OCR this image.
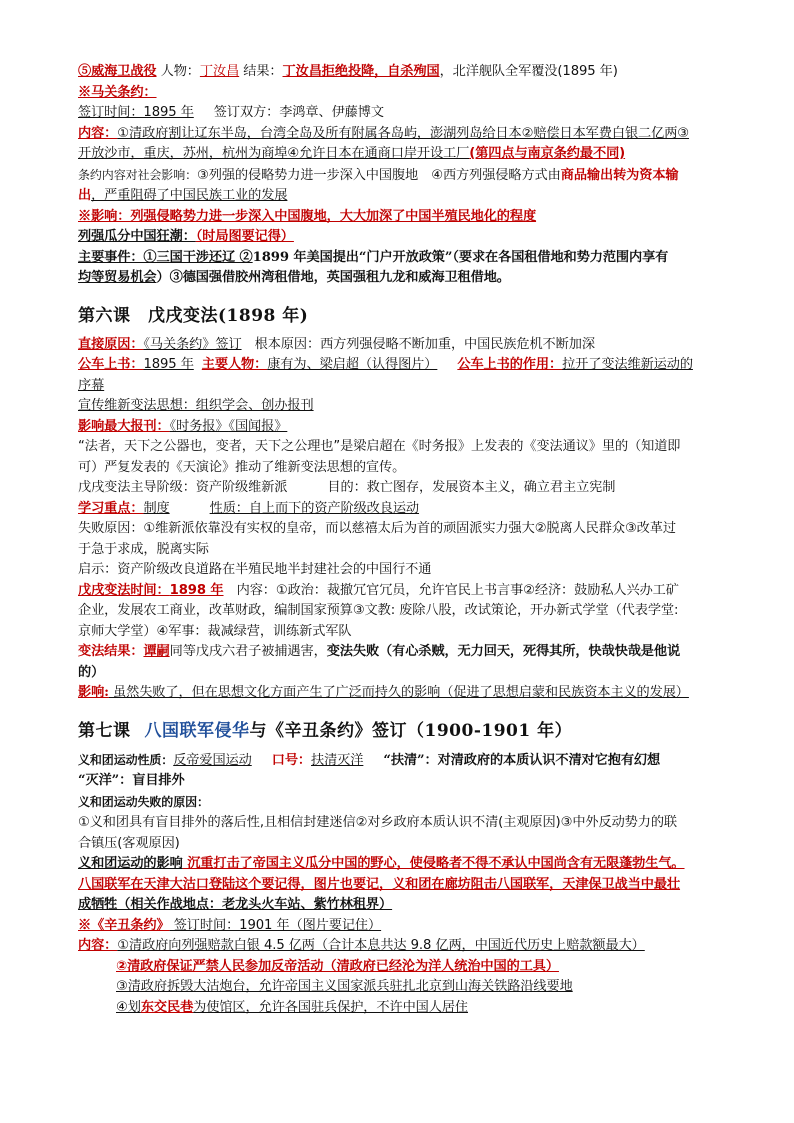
⑤威海卫战役 人物：丁汝昌 结果：丁汝昌拒绝投降，自杀殉国，北洋舰队全军覆没(1895 年)
※马关条约：
签订时间：1895 年 签订双方：李鸿章、伊藤博文
内容：①清政府割让辽东半岛，台湾全岛及所有附属各岛屿，澎湖列岛给日本②赔偿日本军费白银二亿两③
开放沙市，重庆，苏州，杭州为商埠④允许日本在通商口岸开设工厂(第四点与南京条约最不同)
条约内容对社会影响：③列强的侵略势力进一步深入中国腹地　④西方列强侵略方式由商品输出转为资本输
出，严重阻碍了中国民族工业的发展
※影响：列强侵略势力进一步深入中国腹地，大大加深了中国半殖民地化的程度
列强瓜分中国狂潮：（时局图要记得）
主要事件：①三国干涉还辽 ②1899 年美国提出“门户开放政策”（要求在各国租借地和势力范围内享有
均等贸易机会）③德国强借胶州湾租借地，英国强租九龙和威海卫租借地。
第六课　戊戌变法(1898 年)
直接原因：《马关条约》签订　根本原因：西方列强侵略不断加重，中国民族危机不断加深
公车上书：1895 年 主要人物：康有为、梁启超（认得图片） 公车上书的作用：拉开了变法维新运动的
序幕
宣传维新变法思想：组织学会、创办报刊
影响最大报刊：《时务报》《国闻报》
“法者，天下之公器也，变者，天下之公理也”是梁启超在《时务报》上发表的《变法通议》里的（知道即
可）严复发表的《天演论》推动了维新变法思想的宣传。
戊戌变法主导阶级：资产阶级维新派	目的：救亡图存，发展资本主义，确立君主立宪制
学习重点：制度	性质：自上而下的资产阶级改良运动
失败原因：①维新派依靠没有实权的皇帝，而以慈禧太后为首的顽固派实力强大②脱离人民群众③改革过
于急于求成，脱离实际
启示：资产阶级改良道路在半殖民地半封建社会的中国行不通
戊戌变法时间：1898 年　内容：①政治：裁撤冗官冗员，允许官民上书言事②经济：鼓励私人兴办工矿
企业，发展农工商业，改革财政，编制国家预算③文教: 废除八股，改试策论，开办新式学堂（代表学堂:
京师大学堂）④军事：裁减绿营，训练新式军队
变法结果：谭嗣同等戊戌六君子被捕遇害，变法失败（有心杀贼，无力回天，死得其所，快哉快哉是他说
的）
影响: 虽然失败了，但在思想文化方面产生了广泛而持久的影响（促进了思想启蒙和民族资本主义的发展）
第七课 八国联军侵华与《辛丑条约》签订（1900-1901 年）
义和团运动性质：反帝爱国运动 口号：扶清灭洋 “扶清”：对清政府的本质认识不清对它抱有幻想
“灭洋”：盲目排外
义和团运动失败的原因：
①义和团具有盲目排外的落后性,且相信封建迷信②对乡政府本质认识不清(主观原因)③中外反动势力的联
合镇压(客观原因)
义和团运动的影响 沉重打击了帝国主义瓜分中国的野心，使侵略者不得不承认中国尚含有无限蓬勃生气。
八国联军在天津大沽口登陆这个要记得，图片也要记，义和团在廊坊阻击八国联军，天津保卫战当中最壮
成牺牲（相关作战地点：老龙头火车站、紫竹林租界）
※《辛丑条约》 签订时间：1901 年（图片要记住）
内容：①清政府向列强赔款白银 4.5 亿两（合计本息共达 9.8 亿两，中国近代历史上赔款额最大）
②清政府保证严禁人民参加反帝活动（清政府已经沦为洋人统治中国的工具）
③清政府拆毁大沽炮台，允许帝国主义国家派兵驻扎北京到山海关铁路沿线要地
④划东交民巷为使馆区，允许各国驻兵保护，不许中国人居住
